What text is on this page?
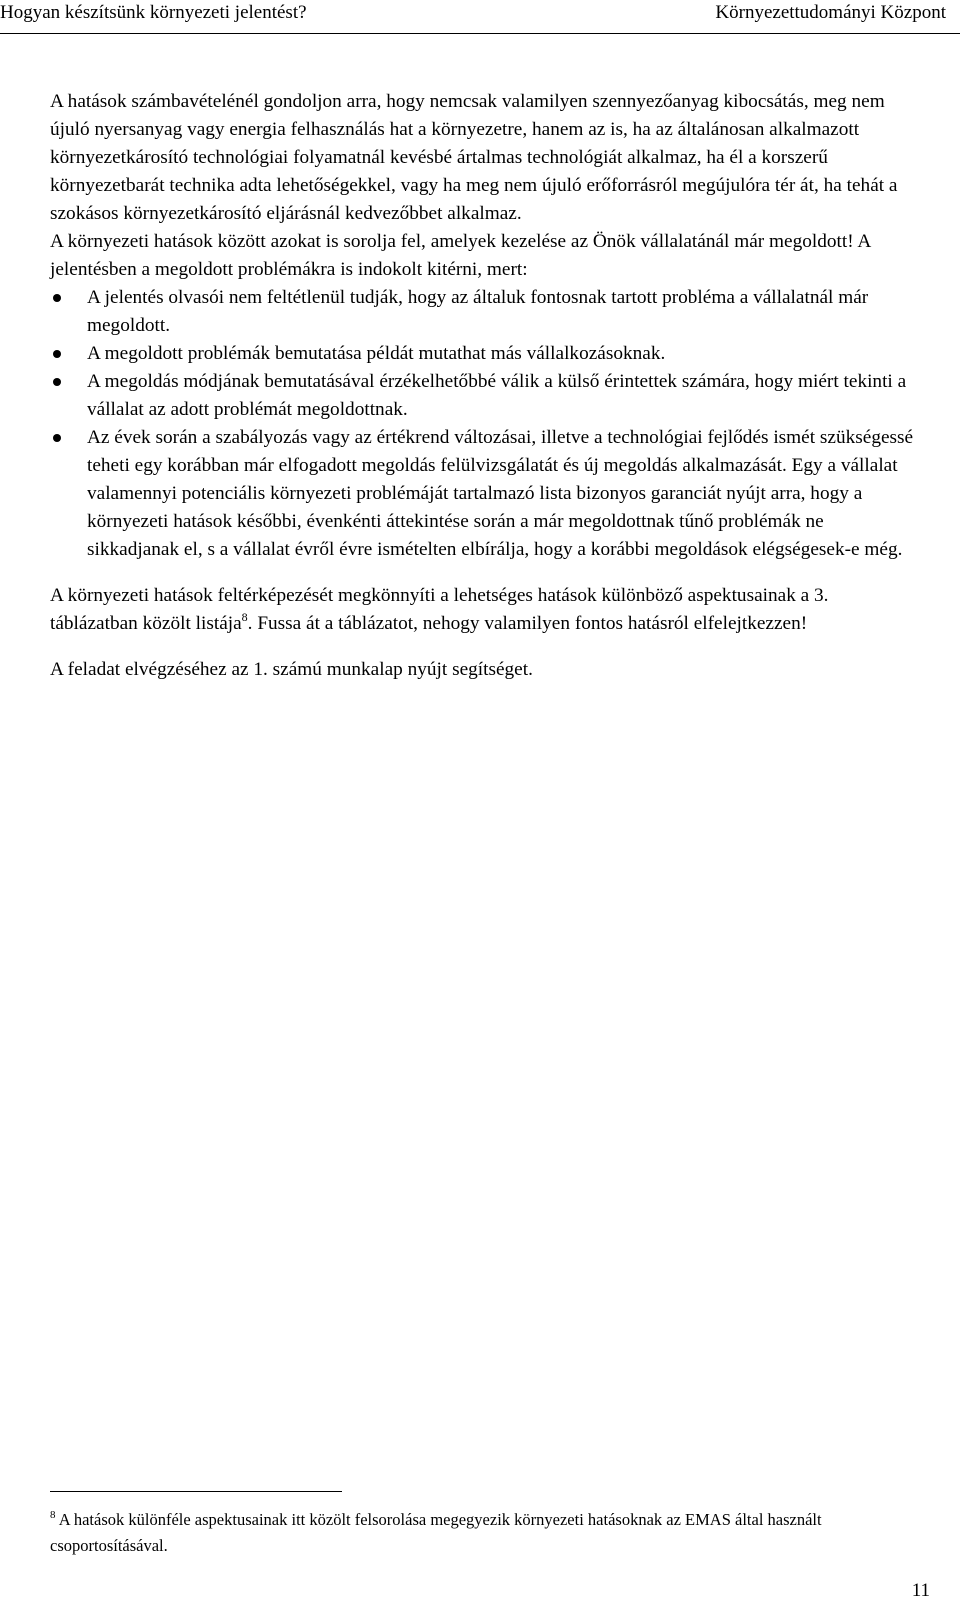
Hogyan készítsünk környezeti jelentést?	Környezettudományi Központ

A hatások számbavételénél gondoljon arra, hogy nemcsak valamilyen szennyezőanyag kibocsátás, meg nem újuló nyersanyag vagy energia felhasználás hat a környezetre, hanem az is, ha az általánosan alkalmazott környezetkárosító technológiai folyamatnál kevésbé ártalmas technológiát alkalmaz, ha él a korszerű környezetbarát technika adta lehetőségekkel, vagy ha meg nem újuló erőforrásról megújulóra tér át, ha tehát a szokásos környezetkárosító eljárásnál kedvezőbbet alkalmaz.

A környezeti hatások között azokat is sorolja fel, amelyek kezelése az Önök vállalatánál már megoldott! A jelentésben a megoldott problémákra is indokolt kitérni, mert:

A jelentés olvasói nem feltétlenül tudják, hogy az általuk fontosnak tartott probléma a vállalatnál már megoldott.
A megoldott problémák bemutatása példát mutathat más vállalkozásoknak.
A megoldás módjának bemutatásával érzékelhetőbbé válik a külső érintettek számára, hogy miért tekinti a vállalat az adott problémát megoldottnak.
Az évek során a szabályozás vagy az értékrend változásai, illetve a technológiai fejlődés ismét szükségessé teheti egy korábban már elfogadott megoldás felülvizsgálatát és új megoldás alkalmazását. Egy a vállalat valamennyi potenciális környezeti problémáját tartalmazó lista bizonyos garanciát nyújt arra, hogy a környezeti hatások későbbi, évenkénti áttekintése során a már megoldottnak tűnő problémák ne sikkadjanak el, s a vállalat évről évre ismételten elbírálja, hogy a korábbi megoldások elégségesek-e még.

A környezeti hatások feltérképezését megkönnyíti a lehetséges hatások különböző aspektusainak a 3. táblázatban közölt listája$^8$. Fussa át a táblázatot, nehogy valamilyen fontos hatásról elfelejtkezzen!

A feladat elvégzéséhez az 1. számú munkalap nyújt segítséget.

$^8$ A hatások különféle aspektusainak itt közölt felsorolása megegyezik környezeti hatásoknak az EMAS által használt csoportosításával.
11
